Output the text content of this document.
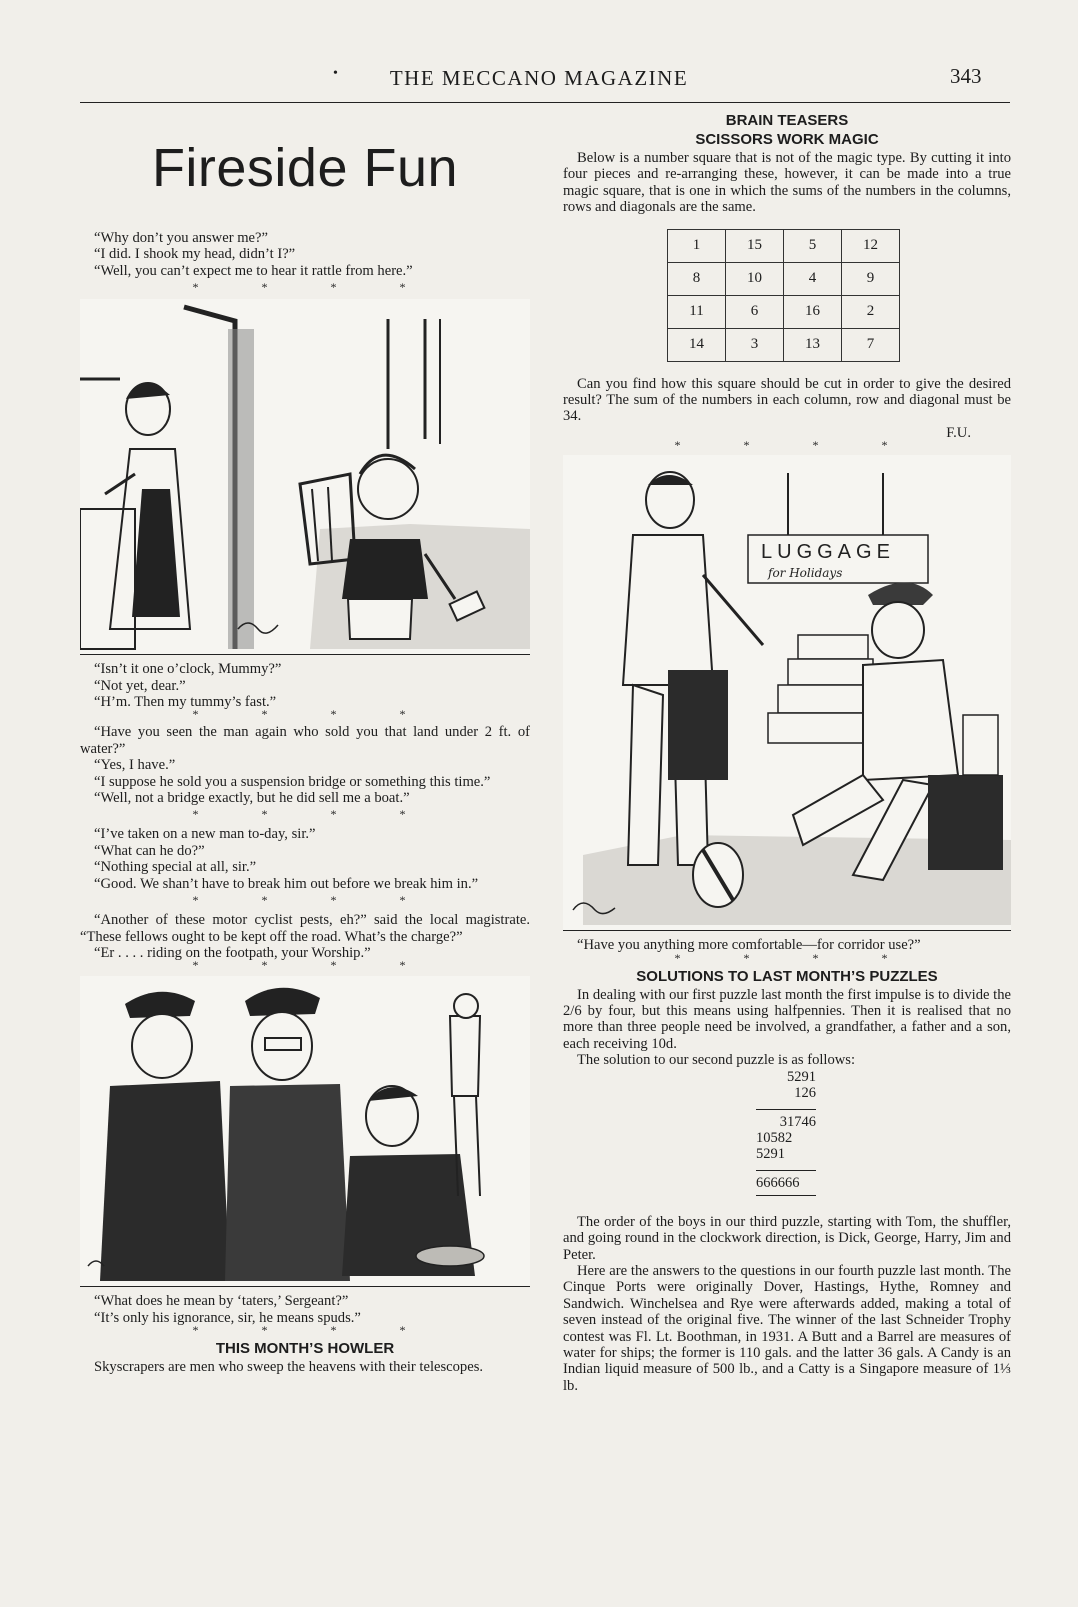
•	THE MECCANO MAGAZINE	343
Fireside Fun

“Why don’t you answer me?”

“I did. I shook my head, didn’t I?”

“Well, you can’t expect me to hear it rattle from here.”

* * * *

“Isn’t it one o’clock, Mummy?”

“Not yet, dear.”

“H’m. Then my tummy’s fast.”

* * * *

“Have you seen the man again who sold you that land under 2 ft. of water?”

“Yes, I have.”

“I suppose he sold you a suspension bridge or something this time.”

“Well, not a bridge exactly, but he did sell me a boat.”

* * * *

“I’ve taken on a new man to-day, sir.”

“What can he do?”

“Nothing special at all, sir.”

“Good. We shan’t have to break him out before we break him in.”

* * * *

“Another of these motor cyclist pests, eh?” said the local magistrate. “These fellows ought to be kept off the road. What’s the charge?”

“Er . . . . riding on the footpath, your Worship.”

* * * *

“What does he mean by ‘taters,’ Sergeant?”

“It’s only his ignorance, sir, he means spuds.”

* * * *
THIS MONTH’S HOWLER

Skyscrapers are men who sweep the heavens with their telescopes.

BRAIN TEASERS
SCISSORS WORK MAGIC

Below is a number square that is not of the magic type. By cutting it into four pieces and re-arranging these, however, it can be made into a true magic square, that is one in which the sums of the numbers in the columns, rows and diagonals are the same.

1	15	5	12
8	10	4	9
11	6	16	2
14	3	13	7

Can you find how this square should be cut in order to give the desired result? The sum of the numbers in each column, row and diagonal must be 34.

F.U.
* * * *
LUGGAGE
for Holidays

“Have you anything more comfortable—for corridor use?”

* * * *
SOLUTIONS TO LAST MONTH’S PUZZLES

In dealing with our first puzzle last month the first impulse is to divide the 2/6 by four, but this means using halfpennies. Then it is realised that no more than three people need be involved, a grandfather, a father and a son, each receiving 10d.

The solution to our second puzzle is as follows:

5291
126
31746
10582
5291
666666

The order of the boys in our third puzzle, starting with Tom, the shuffler, and going round in the clockwork direction, is Dick, George, Harry, Jim and Peter.

Here are the answers to the questions in our fourth puzzle last month. The Cinque Ports were originally Dover, Hastings, Hythe, Romney and Sandwich. Winchelsea and Rye were afterwards added, making a total of seven instead of the original five. The winner of the last Schneider Trophy contest was Fl. Lt. Boothman, in 1931. A Butt and a Barrel are measures of water for ships; the former is 110 gals. and the latter 36 gals. A Candy is an Indian liquid measure of 500 lb., and a Catty is a Singapore measure of 1⅓ lb.
